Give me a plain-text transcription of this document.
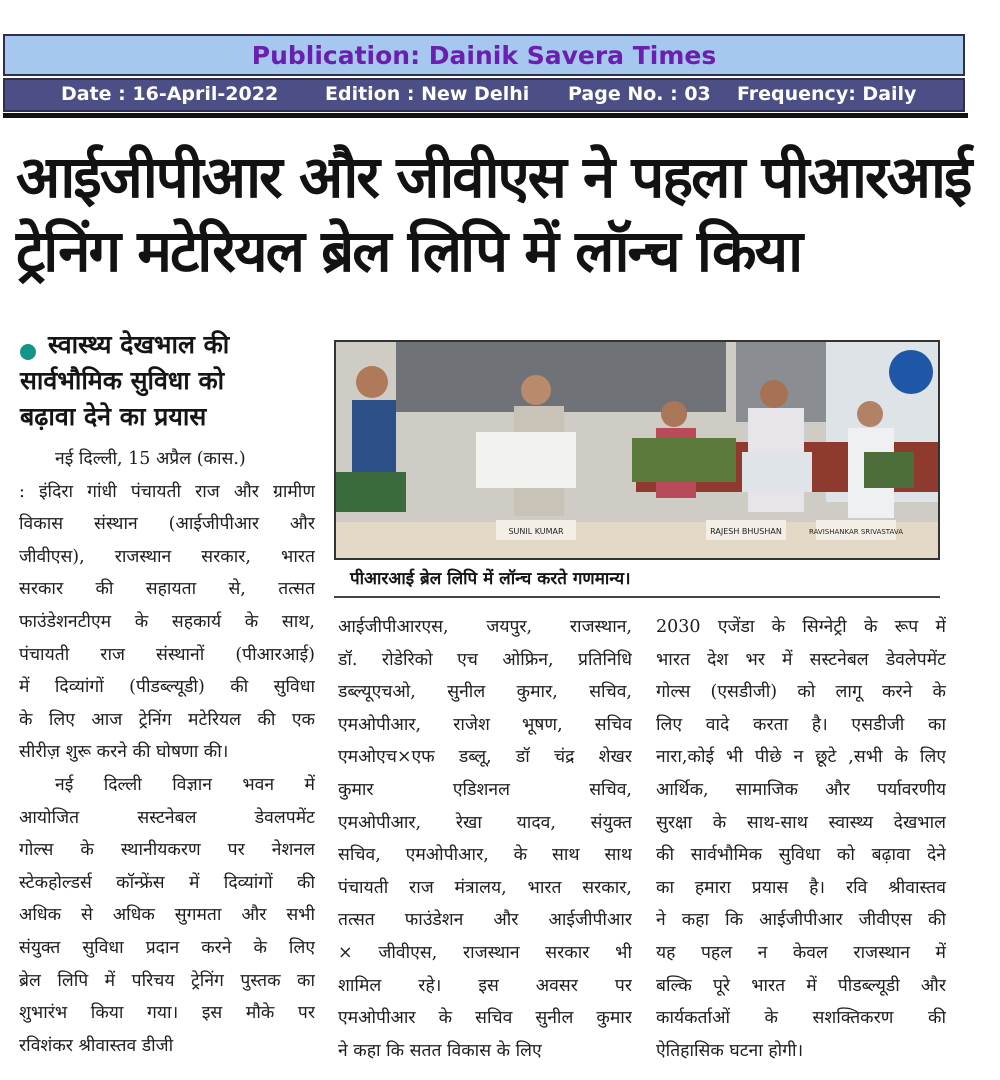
Publication: Dainik Savera Times
Date : 16-April-2022 Edition : New Delhi Page No. : 03 Frequency: Daily
आईजीपीआर और जीवीएस ने पहला पीआरआई
ट्रेनिंग मटेरियल ब्रेल लिपि में लॉन्च किया
स्वास्थ्य देखभाल की
सार्वभौमिक सुविधा को
बढ़ावा देने का प्रयास
SUNIL KUMAR	RAJESH BHUSHAN	RAVISHANKAR SRIVASTAVA
पीआरआई ब्रेल लिपि में लॉन्च करते गणमान्य।
नई दिल्ली, 15 अप्रैल (कास.)
: इंदिरा गांधी पंचायती राज और ग्रामीण
विकास संस्थान (आईजीपीआर और
जीवीएस), राजस्थान सरकार, भारत
सरकार की सहायता से, तत्सत
फाउंडेशनटीएम के सहकार्य के साथ,
पंचायती राज संस्थानों (पीआरआई)
में दिव्यांगों (पीडब्ल्यूडी) की सुविधा
के लिए आज ट्रेनिंग मटेरियल की एक
सीरीज़ शुरू करने की घोषणा की।
नई दिल्ली विज्ञान भवन में
आयोजित सस्टनेबल डेवलपमेंट
गोल्स के स्थानीयकरण पर नेशनल
स्टेकहोल्डर्स कॉन्फ्रेंस में दिव्यांगों की
अधिक से अधिक सुगमता और सभी
संयुक्त सुविधा प्रदान करने के लिए
ब्रेल लिपि में परिचय ट्रेनिंग पुस्तक का
शुभारंभ किया गया। इस मौके पर
रविशंकर श्रीवास्तव डीजी
आईजीपीआरएस, जयपुर, राजस्थान,
डॉ. रोडेरिको एच ओफ्रिन, प्रतिनिधि
डब्ल्यूएचओ, सुनील कुमार, सचिव,
एमओपीआर, राजेश भूषण, सचिव
एमओएच×एफ डब्लू, डॉ चंद्र शेखर
कुमार एडिशनल सचिव,
एमओपीआर, रेखा यादव, संयुक्त
सचिव, एमओपीआर, के साथ साथ
पंचायती राज मंत्रालय, भारत सरकार,
तत्सत फाउंडेशन और आईजीपीआर
× जीवीएस, राजस्थान सरकार भी
शामिल रहे। इस अवसर पर
एमओपीआर के सचिव सुनील कुमार
ने कहा कि सतत विकास के लिए
2030 एजेंडा के सिग्नेट्री के रूप में
भारत देश भर में सस्टनेबल डेवलेपमेंट
गोल्स (एसडीजी) को लागू करने के
लिए वादे करता है। एसडीजी का
नारा,कोई भी पीछे न छूटे ,सभी के लिए
आर्थिक, सामाजिक और पर्यावरणीय
सुरक्षा के साथ-साथ स्वास्थ्य देखभाल
की सार्वभौमिक सुविधा को बढ़ावा देने
का हमारा प्रयास है। रवि श्रीवास्तव
ने कहा कि आईजीपीआर जीवीएस की
यह पहल न केवल राजस्थान में
बल्कि पूरे भारत में पीडब्ल्यूडी और
कार्यकर्ताओं के सशक्तिकरण की
ऐतिहासिक घटना होगी।
